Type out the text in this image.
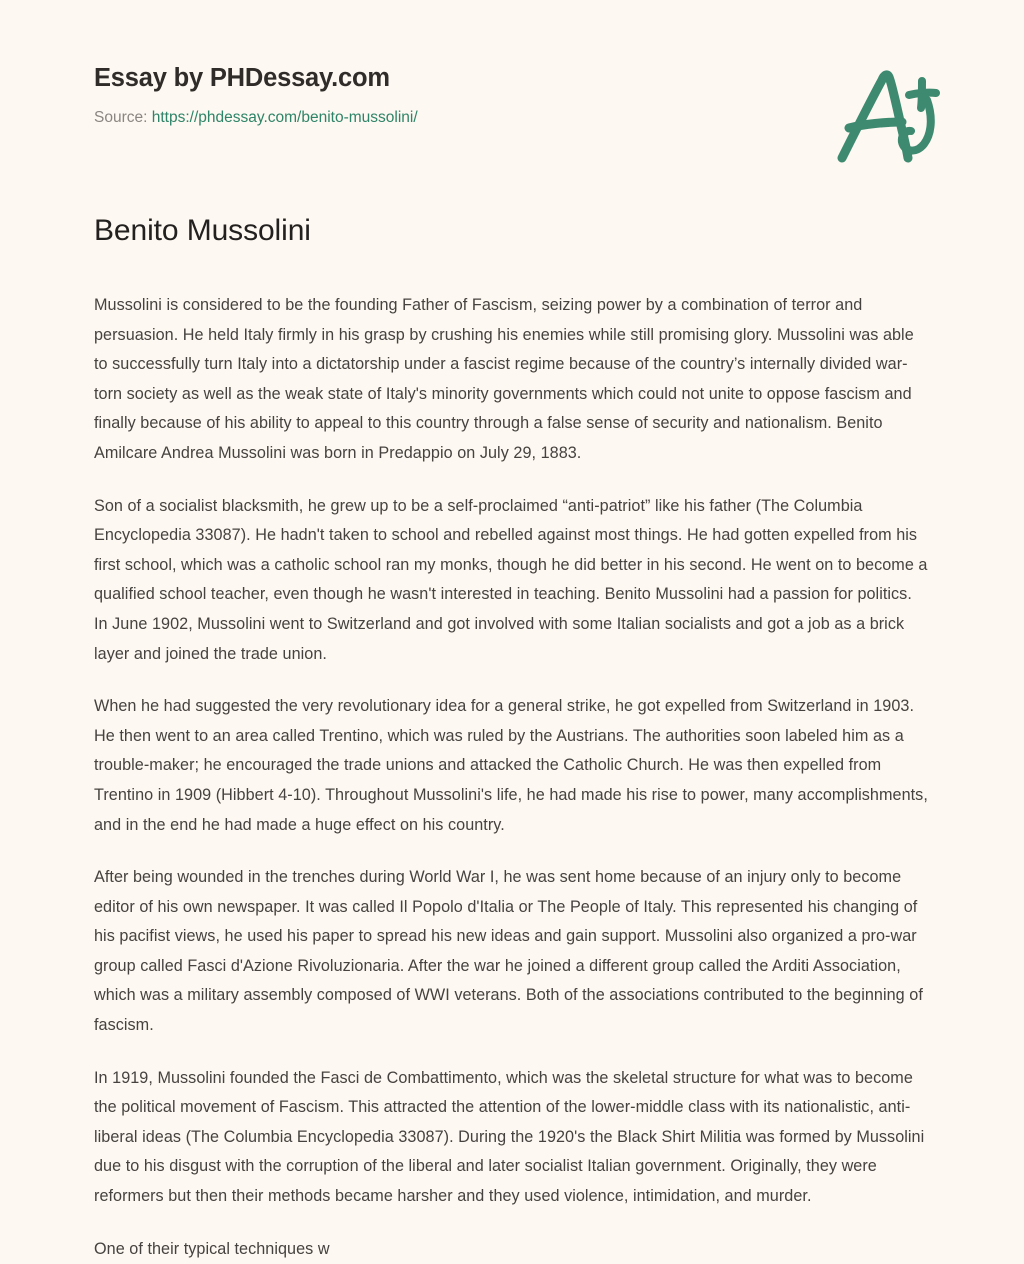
Essay by PHDessay.com
Source: https://phdessay.com/benito-mussolini/
Benito Mussolini

Mussolini is considered to be the founding Father of Fascism, seizing power by a combination of terror and persuasion. He held Italy firmly in his grasp by crushing his enemies while still promising glory. Mussolini was able to successfully turn Italy into a dictatorship under a fascist regime because of the country’s internally divided war-torn society as well as the weak state of Italy's minority governments which could not unite to oppose fascism and finally because of his ability to appeal to this country through a false sense of security and nationalism. Benito Amilcare Andrea Mussolini was born in Predappio on July 29, 1883.

Son of a socialist blacksmith, he grew up to be a self-proclaimed “anti-patriot” like his father (The Columbia Encyclopedia 33087). He hadn't taken to school and rebelled against most things. He had gotten expelled from his first school, which was a catholic school ran my monks, though he did better in his second. He went on to become a qualified school teacher, even though he wasn't interested in teaching. Benito Mussolini had a passion for politics. In June 1902, Mussolini went to Switzerland and got involved with some Italian socialists and got a job as a brick layer and joined the trade union.

When he had suggested the very revolutionary idea for a general strike, he got expelled from Switzerland in 1903. He then went to an area called Trentino, which was ruled by the Austrians. The authorities soon labeled him as a trouble-maker; he encouraged the trade unions and attacked the Catholic Church. He was then expelled from Trentino in 1909 (Hibbert 4-10). Throughout Mussolini's life, he had made his rise to power, many accomplishments, and in the end he had made a huge effect on his country.

After being wounded in the trenches during World War I, he was sent home because of an injury only to become editor of his own newspaper. It was called Il Popolo d'Italia or The People of Italy. This represented his changing of his pacifist views, he used his paper to spread his new ideas and gain support. Mussolini also organized a pro-war group called Fasci d'Azione Rivoluzionaria. After the war he joined a different group called the Arditi Association, which was a military assembly composed of WWI veterans. Both of the associations contributed to the beginning of fascism.

In 1919, Mussolini founded the Fasci de Combattimento, which was the skeletal structure for what was to become the political movement of Fascism. This attracted the attention of the lower-middle class with its nationalistic, anti-liberal ideas (The Columbia Encyclopedia 33087). During the 1920's the Black Shirt Militia was formed by Mussolini due to his disgust with the corruption of the liberal and later socialist Italian government. Originally, they were reformers but then their methods became harsher and they used violence, intimidation, and murder.

One of their typical techniques w
